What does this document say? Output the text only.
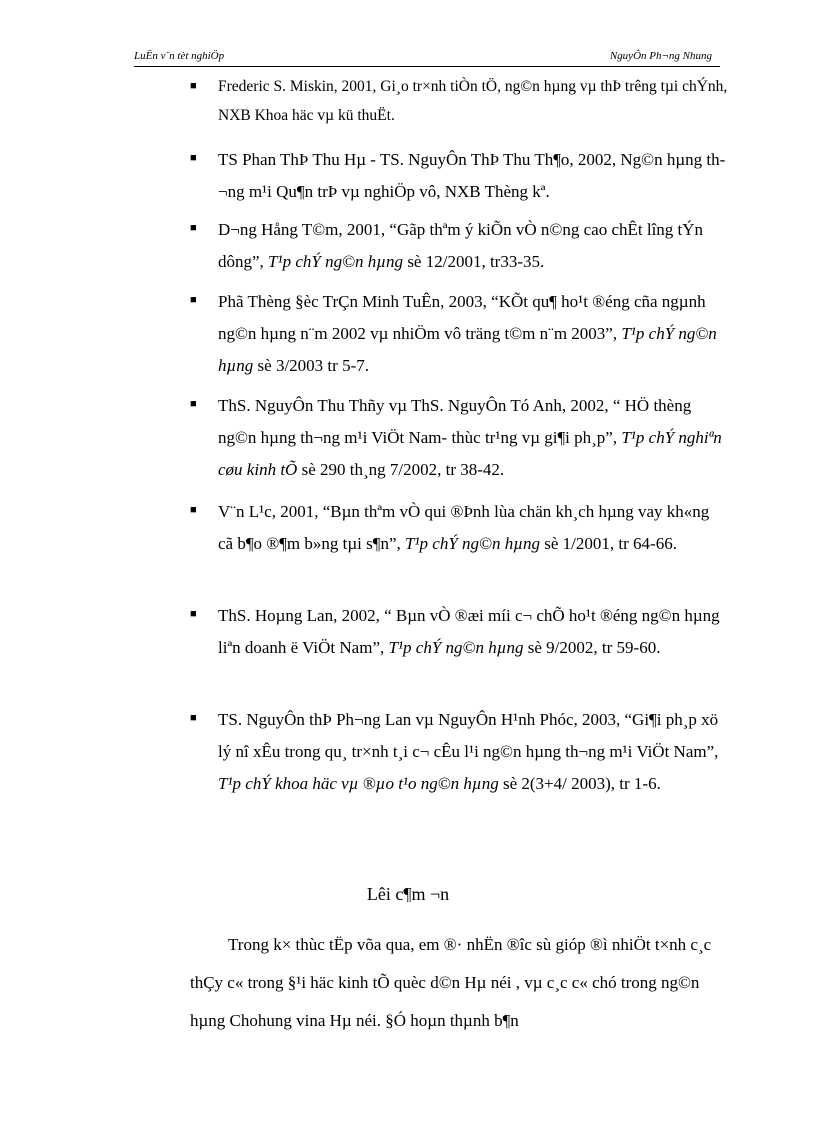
LuËn v¨n tèt nghiÖp	NguyÔn Ph¬ng Nhung
■	Frederic S. Miskin, 2001, Gi¸o tr×nh tiÒn tÖ, ng©n hµng vµ thÞ trêng tµi chÝnh, NXB Khoa häc vµ kü thuËt.
■	TS Phan ThÞ Thu Hµ - TS. NguyÔn ThÞ Thu Th¶o, 2002, Ng©n hµng th¬ng m¹i Qu¶n trÞ vµ nghiÖp vô, NXB Thèng kª.
■	D¬ng Hång T©m, 2001, “Gãp thªm ý kiÕn vÒ n©ng cao chÊt lîng tÝn dông”, T¹p chÝ ng©n hµng sè 12/2001, tr33-35.
■	Phã Thèng §èc TrÇn Minh TuÊn, 2003, “KÕt qu¶ ho¹t ®éng cña ngµnh ng©n hµng n¨m 2002 vµ nhiÖm vô träng t©m n¨m 2003”, T¹p chÝ ng©n hµng sè 3/2003 tr 5-7.
■	ThS. NguyÔn Thu Thñy vµ ThS. NguyÔn Tó Anh, 2002, “ HÖ thèng ng©n hµng th¬ng m¹i ViÖt Nam- thùc tr¹ng vµ gi¶i ph¸p”, T¹p chÝ nghiªn cøu kinh tÕ sè 290 th¸ng 7/2002, tr 38-42.
■	V¨n L¹c, 2001, “Bµn thªm vÒ qui ®Þnh lùa chän kh¸ch hµng vay kh«ng cã b¶o ®¶m b»ng tµi s¶n”, T¹p chÝ ng©n hµng sè 1/2001, tr 64-66.
■	ThS. Hoµng Lan, 2002, “ Bµn vÒ ®æi míi c¬ chÕ ho¹t ®éng ng©n hµng liªn doanh ë ViÖt Nam”, T¹p chÝ ng©n hµng sè 9/2002, tr 59-60.
■	TS. NguyÔn thÞ Ph¬ng Lan vµ NguyÔn H¹nh Phóc, 2003, “Gi¶i ph¸p xö lý nî xÊu trong qu¸ tr×nh t¸i c¬ cÊu l¹i ng©n hµng th¬ng m¹i ViÖt Nam”, T¹p chÝ khoa häc vµ ®µo t¹o ng©n hµng sè 2(3+4/ 2003), tr 1-6.
Lêi c¶m ¬n
Trong k× thùc tËp võa qua, em ®· nhËn ®îc sù gióp ®ì nhiÖt t×nh c¸c thÇy c« trong §¹i häc kinh tÕ quèc d©n Hµ néi , vµ c¸c c« chó trong ng©n hµng Chohung vina Hµ néi. §Ó hoµn thµnh b¶n
